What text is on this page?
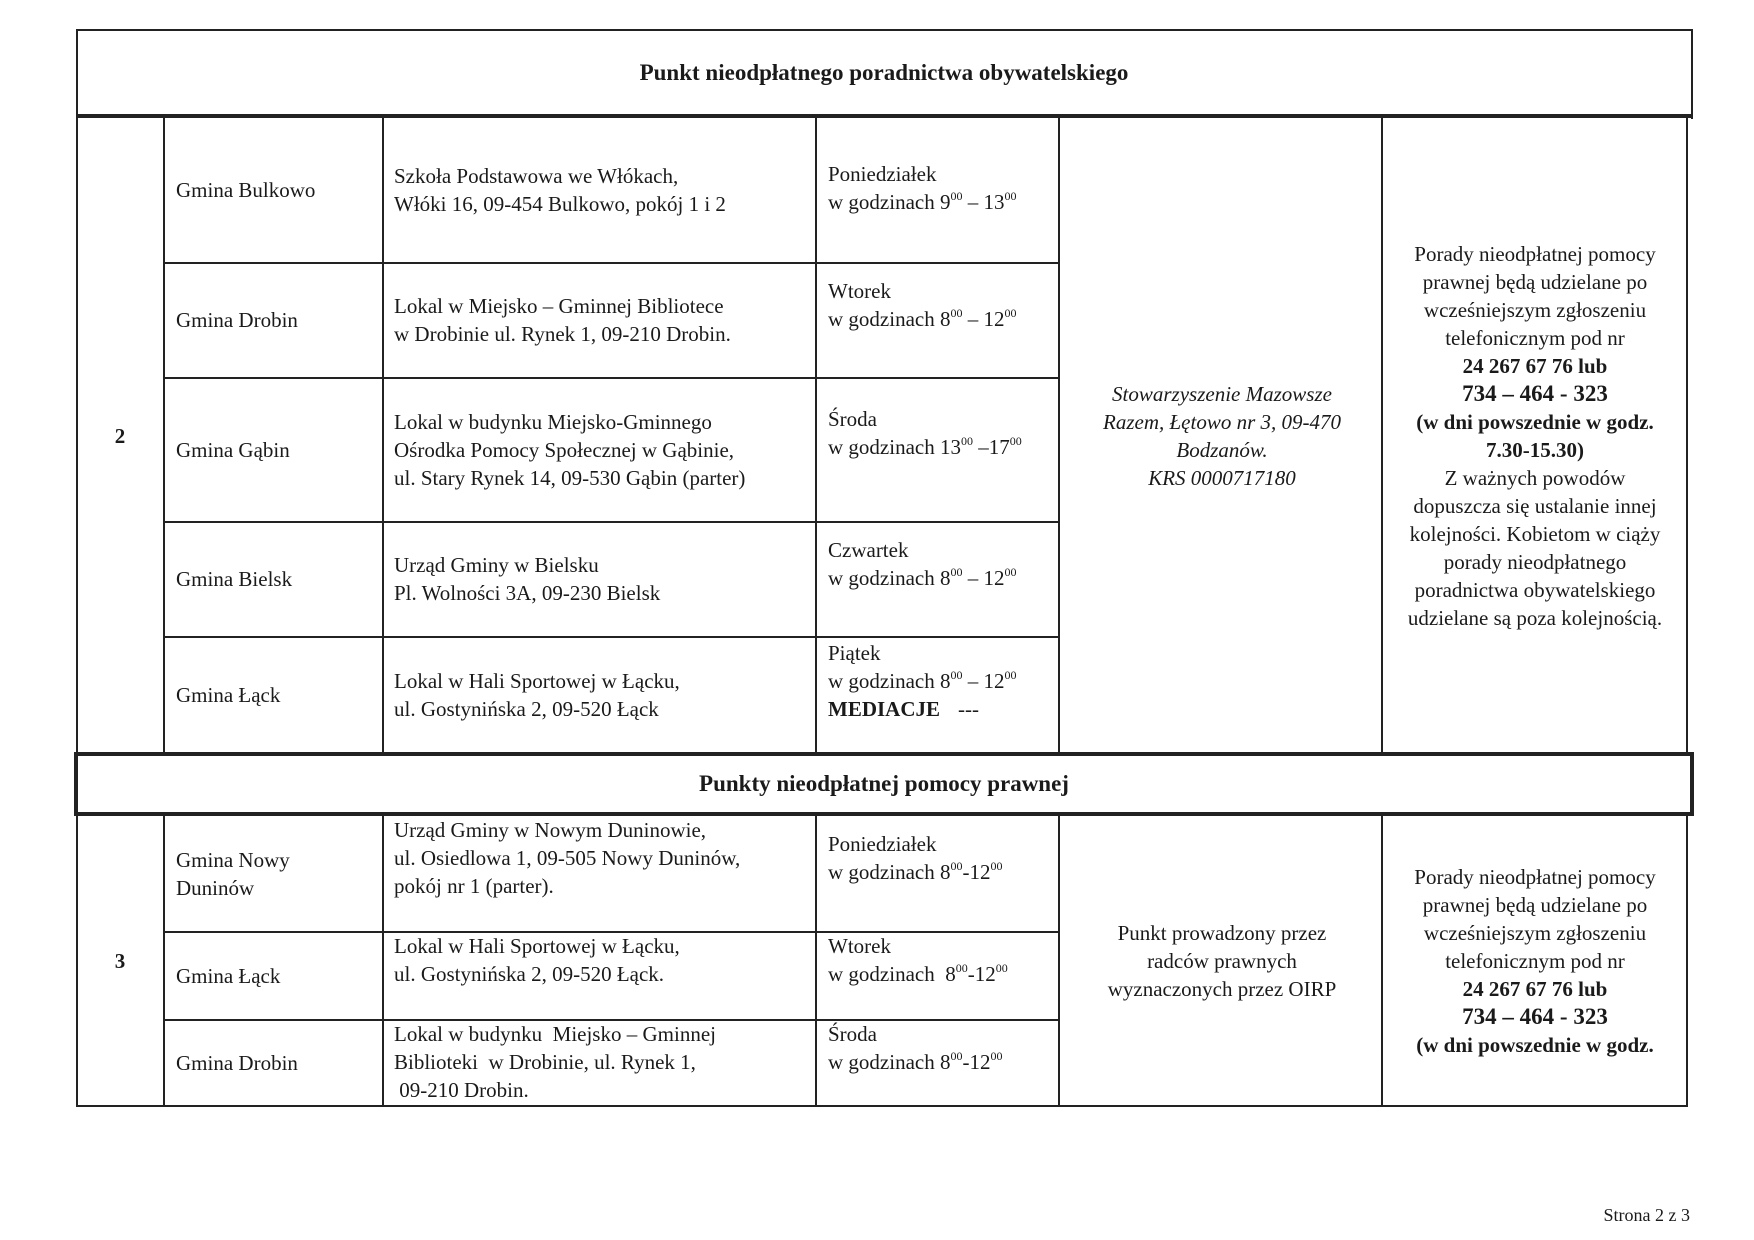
Punkt nieodpłatnego poradnictwa obywatelskiego
2
Gmina Bulkowo
Szkoła Podstawowa we Włókach,
Włóki 16, 09-454 Bulkowo, pokój 1 i 2
Poniedziałek
w godzinach $9^{00} - 13^{00}$
Gmina Drobin
Lokal w Miejsko – Gminnej Bibliotece
w Drobinie ul. Rynek 1, 09-210 Drobin.
Wtorek
w godzinach $8^{00} - 12^{00}$
Gmina Gąbin
Lokal w budynku Miejsko-Gminnego
Ośrodka Pomocy Społecznej w Gąbinie,
ul. Stary Rynek 14, 09-530 Gąbin (parter)
Środa
w godzinach $13^{00}$ $-17^{00}$
Gmina Bielsk
Urząd Gminy w Bielsku
Pl. Wolności 3A, 09-230 Bielsk
Czwartek
w godzinach $8^{00} - 12^{00}$
Gmina Łąck
Lokal w Hali Sportowej w Łącku,
ul. Gostynińska 2, 09-520 Łąck
Piątek
w godzinach $8^{00} - 12^{00}$
MEDIACJE ---
Stowarzyszenie Mazowsze
Razem, Łętowo nr 3, 09-470
Bodzanów.
KRS 0000717180
Porady nieodpłatnej pomocy
prawnej będą udzielane po
wcześniejszym zgłoszeniu
telefonicznym pod nr
24 267 67 76 lub
734 – 464 - 323
(w dni powszednie w godz.
7.30-15.30)
Z ważnych powodów
dopuszcza się ustalanie innej
kolejności. Kobietom w ciąży
porady nieodpłatnego
poradnictwa obywatelskiego
udzielane są poza kolejnością.
Punkty nieodpłatnej pomocy prawnej
3
Gmina Nowy
Duninów
Urząd Gminy w Nowym Duninowie,
ul. Osiedlowa 1, 09-505 Nowy Duninów,
pokój nr 1 (parter).
Poniedziałek
w godzinach $8^{00}-12^{00}$
Gmina Łąck
Lokal w Hali Sportowej w Łącku,
ul. Gostynińska 2, 09-520 Łąck.
Wtorek
w godzinach  $8^{00}-12^{00}$
Gmina Drobin
Lokal w budynku  Miejsko – Gminnej
Biblioteki  w Drobinie, ul. Rynek 1,
09-210 Drobin.
Środa
w godzinach $8^{00}-12^{00}$
Punkt prowadzony przez
radców prawnych
wyznaczonych przez OIRP
Porady nieodpłatnej pomocy
prawnej będą udzielane po
wcześniejszym zgłoszeniu
telefonicznym pod nr
24 267 67 76 lub
734 – 464 - 323
(w dni powszednie w godz.
Strona 2 z 3
